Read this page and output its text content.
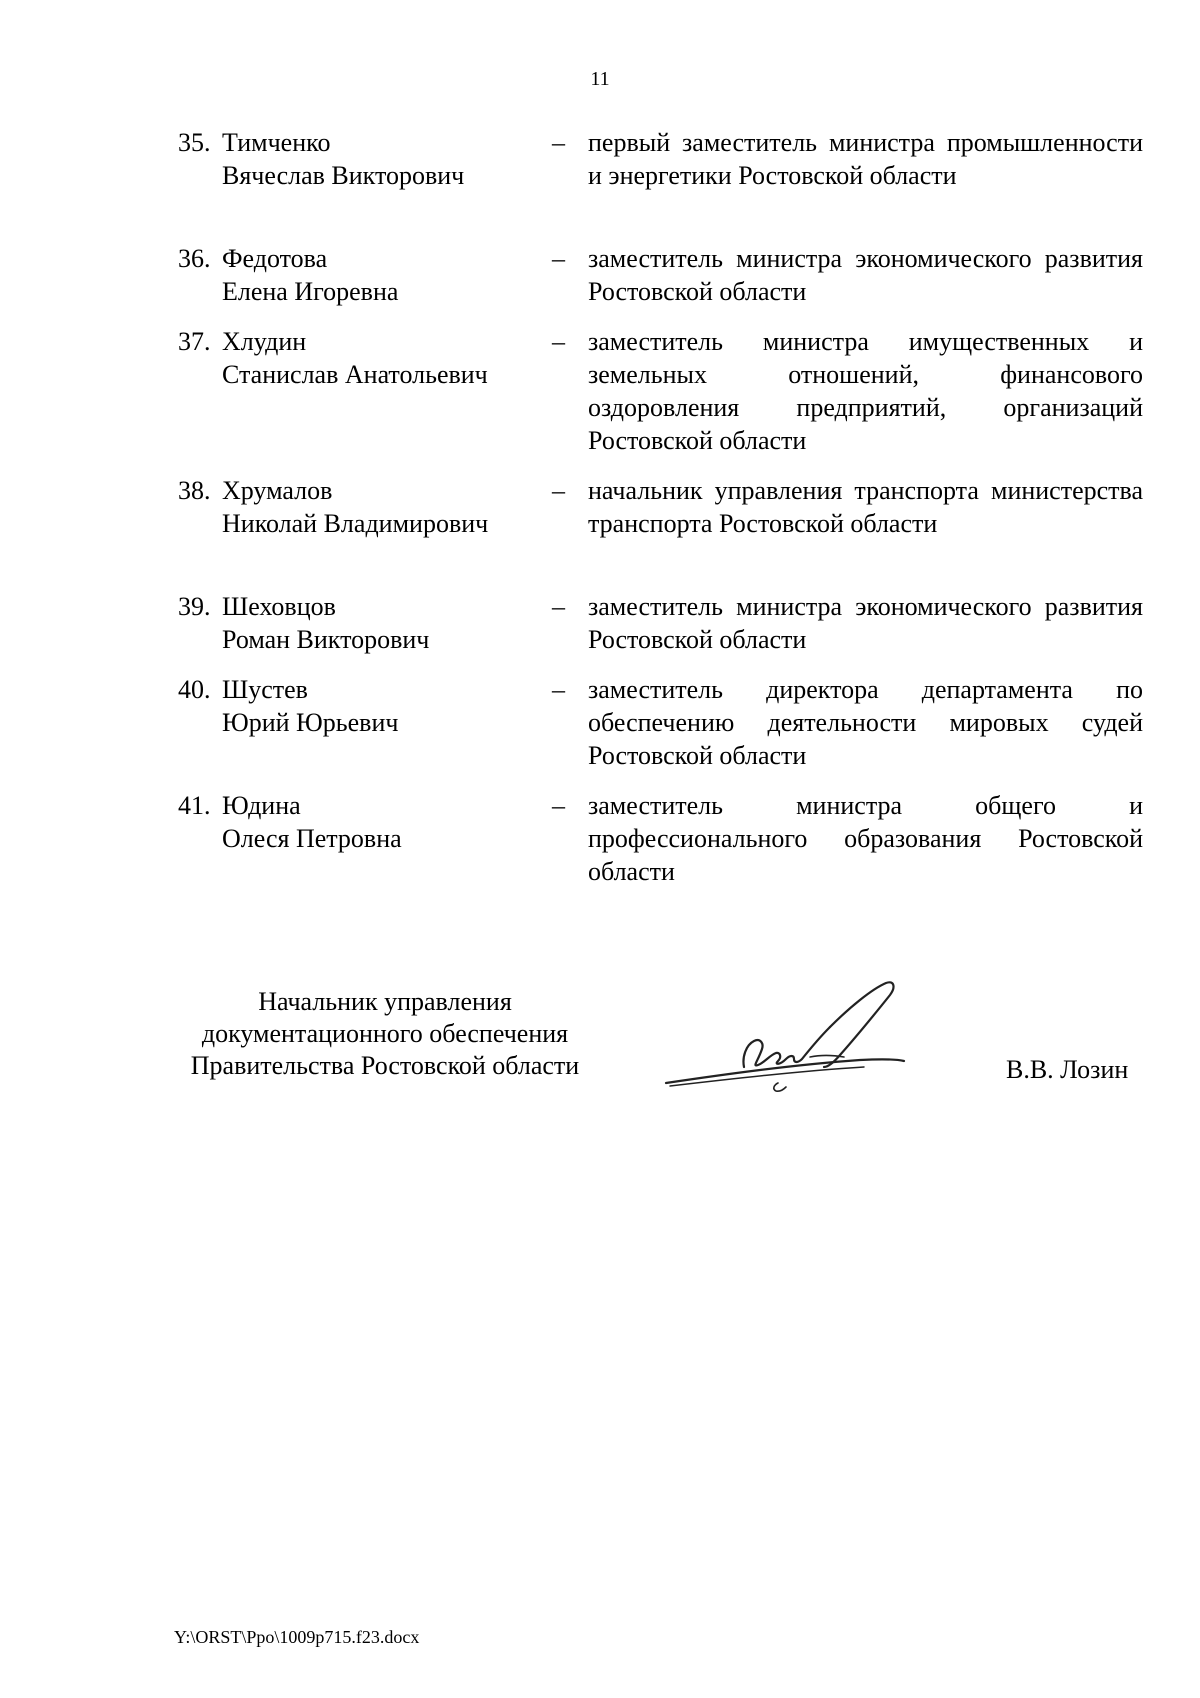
11
35. Тимченко
Вячеслав Викторович
– первый заместитель министра промышленности и энергетики Ростовской области
36. Федотова
Елена Игоревна
– заместитель министра экономического развития Ростовской области
37. Хлудин
Станислав Анатольевич
– заместитель министра имущественных и земельных отношений, финансового оздоровления предприятий, организаций Ростовской области
38. Хрумалов
Николай Владимирович
– начальник управления транспорта министерства транспорта Ростовской области
39. Шеховцов
Роман Викторович
– заместитель министра экономического развития Ростовской области
40. Шустев
Юрий Юрьевич
– заместитель директора департамента по обеспечению деятельности мировых судей Ростовской области
41. Юдина
Олеся Петровна
– заместитель министра общего и профессионального образования Ростовской области
Начальник управления
документационного обеспечения
Правительства Ростовской области	В.В. Лозин
Y:\ORST\Ppo\1009p715.f23.docx
